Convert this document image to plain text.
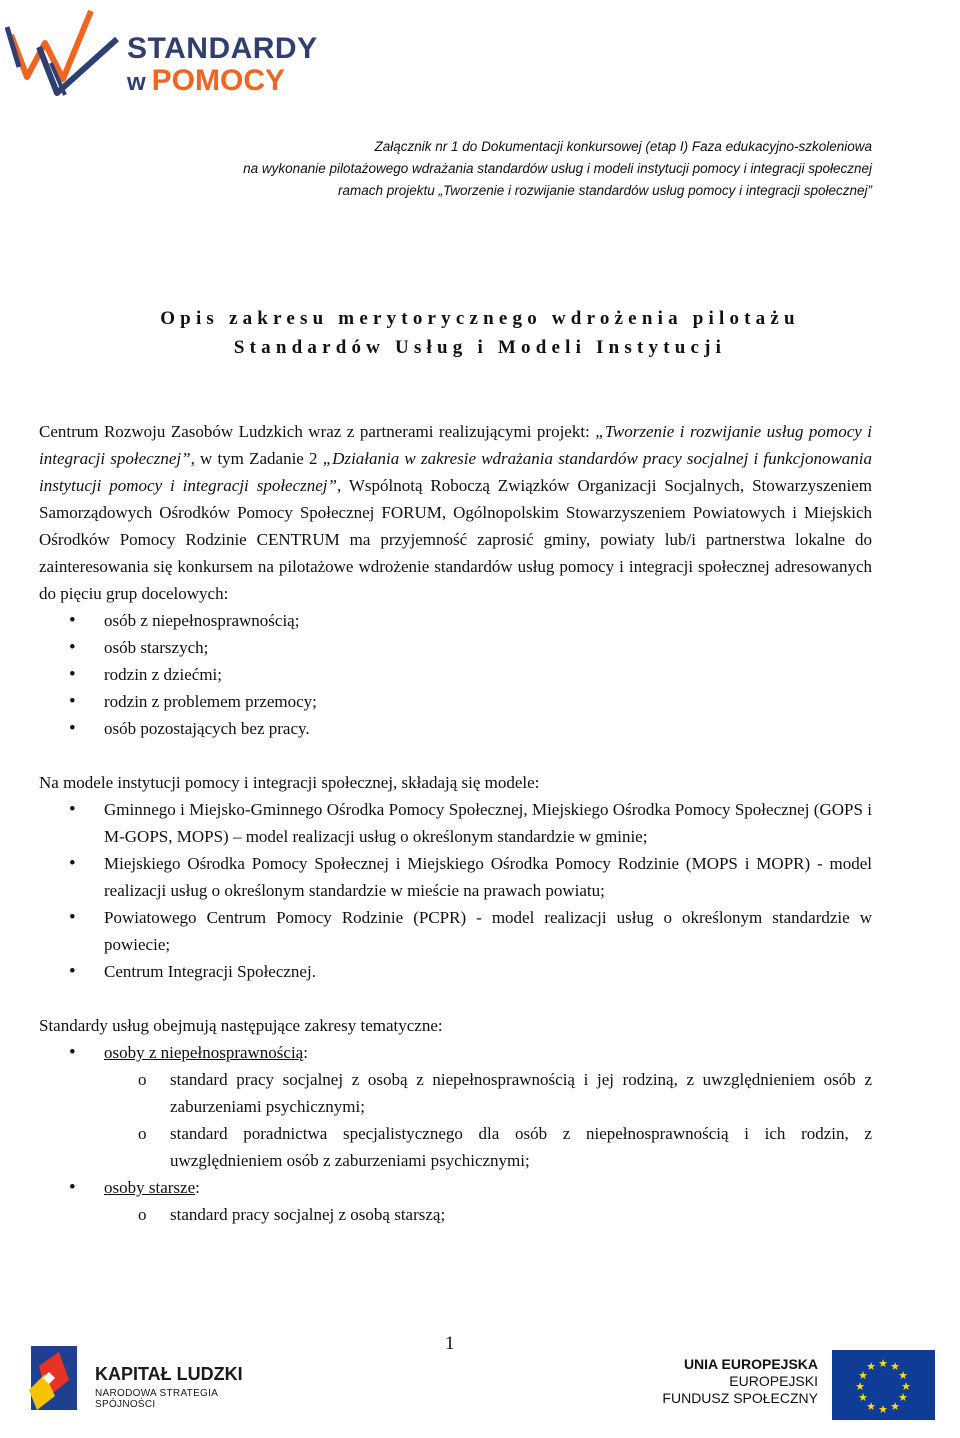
STANDARDY
w POMOCY
Załącznik nr 1 do Dokumentacji konkursowej (etap I) Faza edukacyjno-szkoleniowa
na wykonanie pilotażowego wdrażania standardów usług i modeli instytucji pomocy i integracji społecznej
ramach projektu „Tworzenie i rozwijanie standardów usług pomocy i integracji społecznej”
Opis zakresu merytorycznego wdrożenia pilotażu
Standardów Usług i Modeli Instytucji

Centrum Rozwoju Zasobów Ludzkich wraz z partnerami realizującymi projekt: „Tworzenie i rozwijanie usług pomocy i integracji społecznej”, w tym Zadanie 2 „Działania w zakresie wdrażania standardów pracy socjalnej i funkcjonowania instytucji pomocy i integracji społecznej”, Wspólnotą Roboczą Związków Organizacji Socjalnych, Stowarzyszeniem Samorządowych Ośrodków Pomocy Społecznej FORUM, Ogólnopolskim Stowarzyszeniem Powiatowych i Miejskich Ośrodków Pomocy Rodzinie CENTRUM ma przyjemność zaprosić gminy, powiaty lub/i partnerstwa lokalne do zainteresowania się konkursem na pilotażowe wdrożenie standardów usług pomocy i integracji społecznej adresowanych do pięciu grup docelowych:

• osób z niepełnosprawnością;
• osób starszych;
• rodzin z dziećmi;
• rodzin z problemem przemocy;
• osób pozostających bez pracy.

Na modele instytucji pomocy i integracji społecznej, składają się modele:

• Gminnego i Miejsko-Gminnego Ośrodka Pomocy Społecznej, Miejskiego Ośrodka Pomocy Społecznej (GOPS i M-GOPS, MOPS) – model realizacji usług o określonym standardzie w gminie;
• Miejskiego Ośrodka Pomocy Społecznej i Miejskiego Ośrodka Pomocy Rodzinie (MOPS i MOPR) - model realizacji usług o określonym standardzie w mieście na prawach powiatu;
• Powiatowego Centrum Pomocy Rodzinie (PCPR) - model realizacji usług o określonym standardzie w powiecie;
• Centrum Integracji Społecznej.

Standardy usług obejmują następujące zakresy tematyczne:

• osoby z niepełnosprawnością:
o standard pracy socjalnej z osobą z niepełnosprawnością i jej rodziną, z uwzględnieniem osób z zaburzeniami psychicznymi;
o standard poradnictwa specjalistycznego dla osób z niepełnosprawnością i ich rodzin, z uwzględnieniem osób z zaburzeniami psychicznymi;
• osoby starsze:
o standard pracy socjalnej z osobą starszą;
1
KAPITAŁ LUDZKI
NARODOWA STRATEGIA SPÓJNOŚCI
UNIA EUROPEJSKA
EUROPEJSKI
FUNDUSZ SPOŁECZNY
★ ★
★
★
★
★
★
★
★
★
★
★
